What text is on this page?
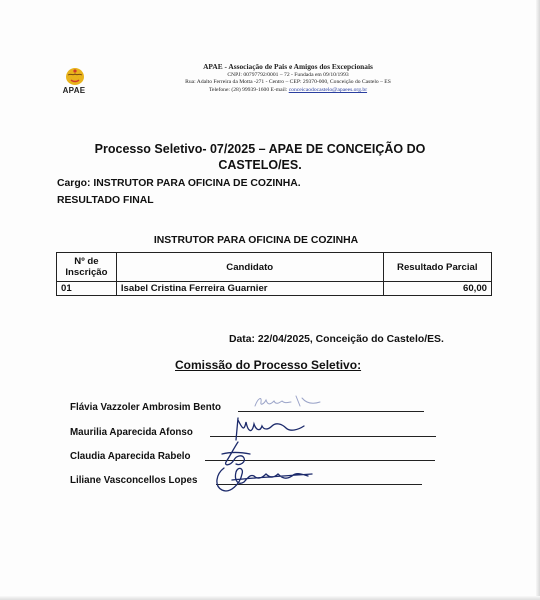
APAE
APAE - Associação de Pais e Amigos dos Excepcionais
CNPJ: 00797792/0001 – 72 - Fundada em 09/10/1993
Rua: Adalto Ferreira da Motta -271 - Centro – CEP: 29370-000, Conceição do Castelo – ES
Telefone: (28) 99939-1600 E-mail: conceicaodocastelo@apaees.org.br
Processo Seletivo- 07/2025 – APAE DE CONCEIÇÃO DO CASTELO/ES.
Cargo: INSTRUTOR PARA OFICINA DE COZINHA.
RESULTADO FINAL
INSTRUTOR PARA OFICINA DE COZINHA
Nº de Inscrição	Candidato	Resultado Parcial
01	Isabel Cristina Ferreira Guarnier	60,00
Data: 22/04/2025, Conceição do Castelo/ES.
Comissão do Processo Seletivo:
Flávia Vazzoler Ambrosim Bento
Maurilia Aparecida Afonso
Claudia Aparecida Rabelo
Liliane Vasconcellos Lopes
